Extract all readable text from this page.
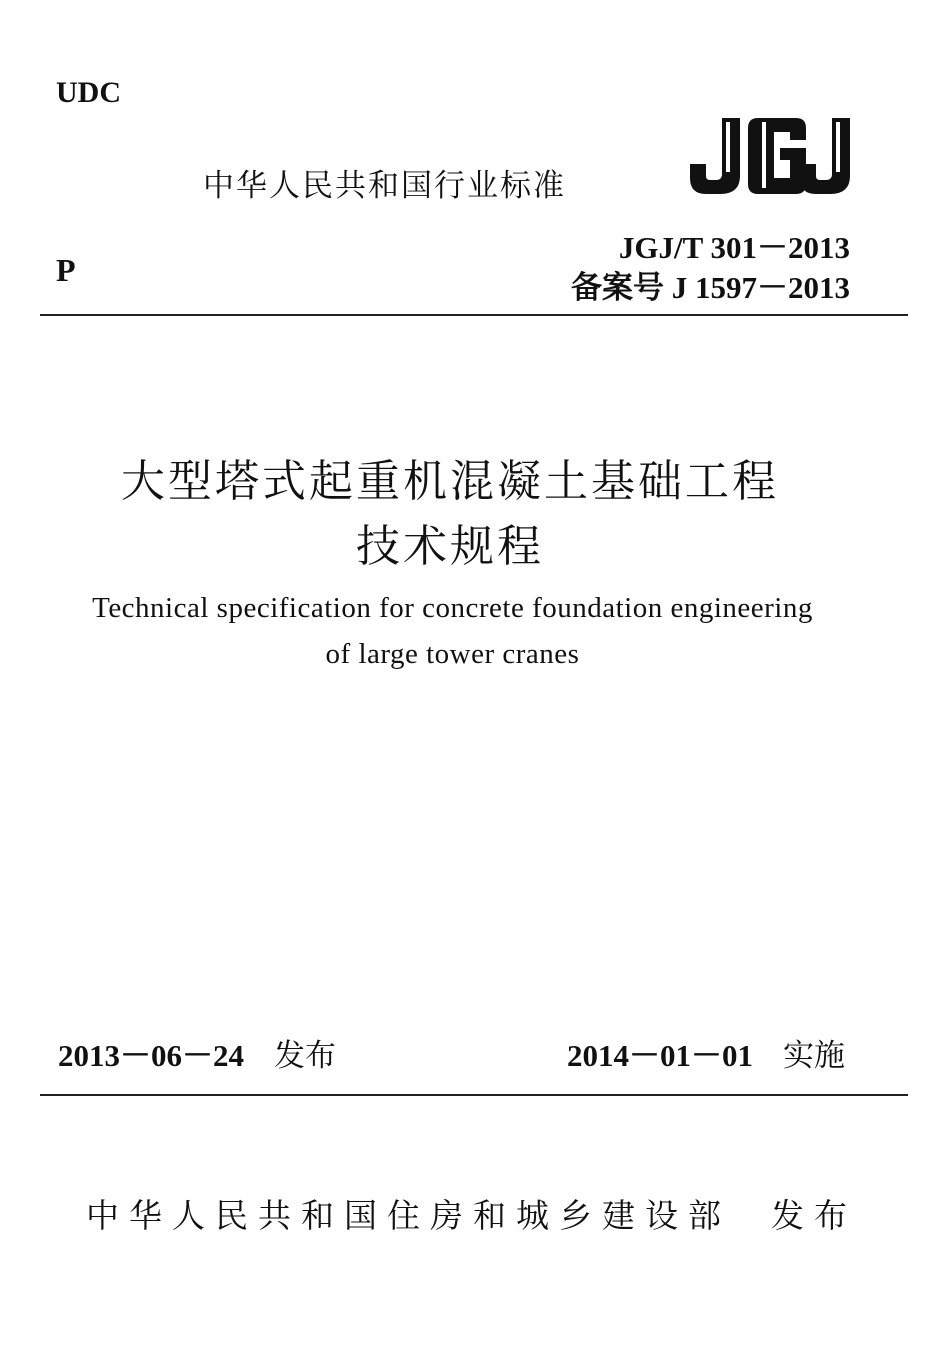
UDC
P
中华人民共和国行业标准
JGJ/T 301－2013
备案号 J 1597－2013
大型塔式起重机混凝土基础工程
技术规程
Technical specification for concrete foundation engineering
of large tower cranes
2013－06－24 发布	2014－01－01 实施
中华人民共和国住房和城乡建设部 发布
